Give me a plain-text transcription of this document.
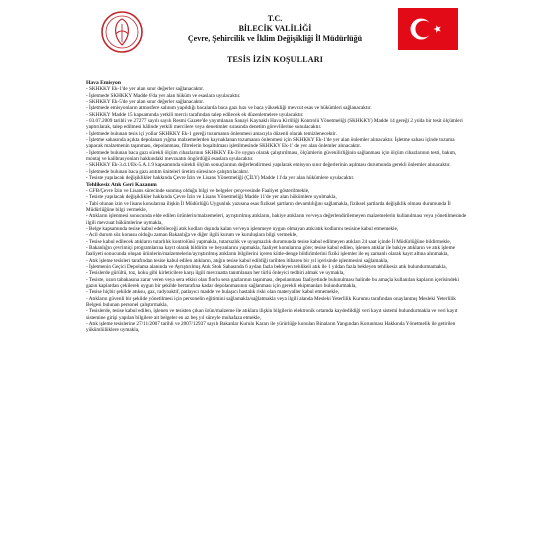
T.C.
BİLECİK VALİLİĞİ
Çevre, Şehircilik ve İklim Değişikliği İl Müdürlüğü
TESİS İZİN KOŞULLARI

Hava Emisyon

- SKHKKY Ek-1'de yer alan sınır değerler sağlanacaktır.

- İşletmede SKHKKY Madde 6'da yer alan hüküm ve esaslara uyulacaktır.

- SKHKKY Ek-5'de yer alan sınır değerler sağlanacaktır.

- İşletmede emisyonların atmosfere salınım yapıldığı bacalarda baca gazı hızı ve baca yüksekliği mevcut esas ve hükümleri sağlanacaktır.

- SKHKKY Madde 15 kapsamında yetkili merciı tarafından talep edilecek ek düzenlemelere uyulacaktır.

- 03.07.2009 tarihli ve 27277 sayılı sayılı Resmi Gazete'de yayımlanan Sanayi Kaynaklı Hava Kirliliği Kontrolü Yönetmeliği (SKHKKY) Madde 14 gereği 2 yılda bir tesit ölçümleri yaptırılarak, talep edilmesi hâlinde yetkili mercilere veya denetimler sırasında denetim görevlilerine sunulacaktır.

- İşletmede bulunan tesis içi yollar SKHKKY Ek-1 gereği tozumanın önlenmesi amacıyla düzenli olarak temizlenecektir.

- İşletme sahasında açıkta depolanan yığma malzemelerden kaynaklanan tozumanın önlenmesi için SKHKKY Ek-1'de yer alan önlemler alınacaktır. İşletme sahası içinde tozuma yapacak malzemenin taşınması, depolanması, filtrelerin boşaltılması işletilmesinde SKHKKY Ek-1' de yer alan önlemler alınacaktır.

- İşletmede bulunan baca gazı sürekli ölçüm cihazlarının SKHKKY Ek-3'e uygun olarak çalıştırılması, ölçümlerin güvenilirliğinin sağlanması için ölçüm cihazlarının testi, bakım, montaj ve kalibrasyonları hakkındaki mevzuatın öngördüğü esaslara uyulacaktır.

- SKHKKY Ek-3.d.1/Ek-5.A.1.9 kapsamında sürekli ölçüm sonuçlarının değerlendirmesi yapılarak emisyon sınır değerlerinin aşılması durumunda gerekli önlemler alınacaktır.

- İşletmede bulunan baca gazı arıtım üniteleri üretim süresince çalıştırılacaktır.

- Tesiste yapılacak değişiklikler hakkında Çevre İzin ve Lisans Yönetmeliği (ÇİLY) Madde 11'da yer alan hükümlere uyulacaktır.

Tehlikesiz Atık Geri Kazanım

- GFB/Çevre İzin ve Lisans sürecinde sunmuş olduğu bilgi ve belgeler çerçevesinde Faaliyet gösterilmekle,

- Tesiste yapılacak değişiklikler hakkında Çevre İzin ve Lisans Yönetmeliği Madde 11'de yer alan hükümlere uyulmakla,

- Tabi olunan izin ve lisans konularına ilişkin İl Müdürlüğü Uygunluk yazısına esas fiziksel şartların devamlılığını sağlamakla, fiziksel şartlarda değişiklik olması durumunda İl Müdürlüğüne bilgi vermekle,

- Atıkların işlenmesi sonucunda elde edilen ürünlerin/malzemeleri, ayrıştırılmış atıkların, bakiye atıkların ve/veya değerlendirilemeyen malzemelerin kullanılması veya yönetilmesinde ilgili mevzuat hükümlerine uymakla,

- Belge kapsamında tesise kabul edebileceği atık kodları dışında kalan ve/veya işlenmeye uygun olmayan atık/atık kodlarını tesisine kabul etmemekle,

- Acil durum söz konusu olduğu zaman Bakanlığa ve diğer ilgili kurum ve kuruluşlara bilgi vermekle,

- Tesise kabul edilecek atıkların tutarlılık kontrolünü yapmakla, tutarsızlık ve uyuşmazlık durumunda tesise kabul edilmeyen atıkları 24 saat içinde İl Müdürlüğüne bildirmekle,

- Bakanlığın çevrimiçi programlarına kayıt olarak bildirim ve beyanlarını yapmakla, faaliyet konularına göre; tesise kabul edilen, işlenen atıklar ile bakiye atıkların ve atık işleme faaliyeti sonucunda oluşan ürünlerin/malzemelerin/ayrıştırılmış atıkların bilgilerini içeren kütle-denge bildirimlerini fiziki işlemler ile eş zamanlı olarak kayıt altına alınmakla,

- Atık işleme tesisleri tarafından tesise kabul edilen atıkların, atığın tesise kabul edildiği tarihten itibaren bir yıl içerisinde işlenmesini sağlamakla,

- İşletmenin Geçici Depolama alanında ve Ayrıştırılmış Atık Stok Sahasında 6 aydan fazla bekleyen tehlikeli atık ile 1 yıldan fazla bekleyen tehlikesiz atık bulundurmamakla,

- Tesislerde gürültü, toz, koku gibi kirleticilere karşı ilgili mevzuatta tanımlanan her türlü önleyici tedbiri almak ve uymakla,

- Tesiste, ozon tabakasına zarar veren veya sera etkisi olan florlu sera gazlarının taşınması, depolanması faaliyetinde bulunulması halinde bu amaçla kullanılan kapların içerisindeki gazın kaplardan çekilerek uygun bir şekilde bertarafına kadar depolanmasının sağlanması için gerekli ekipmanları bulundurmakla,

- Tesise hiçbir şekilde atıksu, gaz, radyoaktif, patlayıcı madde ve bulaşıcı hastalık riski olan materyaller kabul etmemekle,

- Atıkların güvenli bir şekilde yönetilmesi için personelin eğitimini sağlamakla/sağlatmakla veya ilgili alanda Mesleki Yeterlilik Kurumu tarafından onaylanmış Mesleki Yeterlilik Belgesi bulunan personel çalıştırmakla,

- Tesislerde, tesise kabul edilen, işlenen ve tesisten çıkan ürün/malzeme ile atıklara ilişkin bilgilerin elektronik ortamda kaydedildiği veri kayıt sistemi bulundurmakla ve veri kayıt sistemine girişi yapılan bilgilere ait belgeler en az beş yıl süreyle muhafaza etmekle,

- Atık işleme tesislerine 27/11/2007 tarihli ve 2007/12937 sayılı Bakanlar Kurulu Kararı ile yürürlüğe konulan Binaların Yangından Korunması Hakkında Yönetmelik ile getirilen yükümlülüklere uymakla,
